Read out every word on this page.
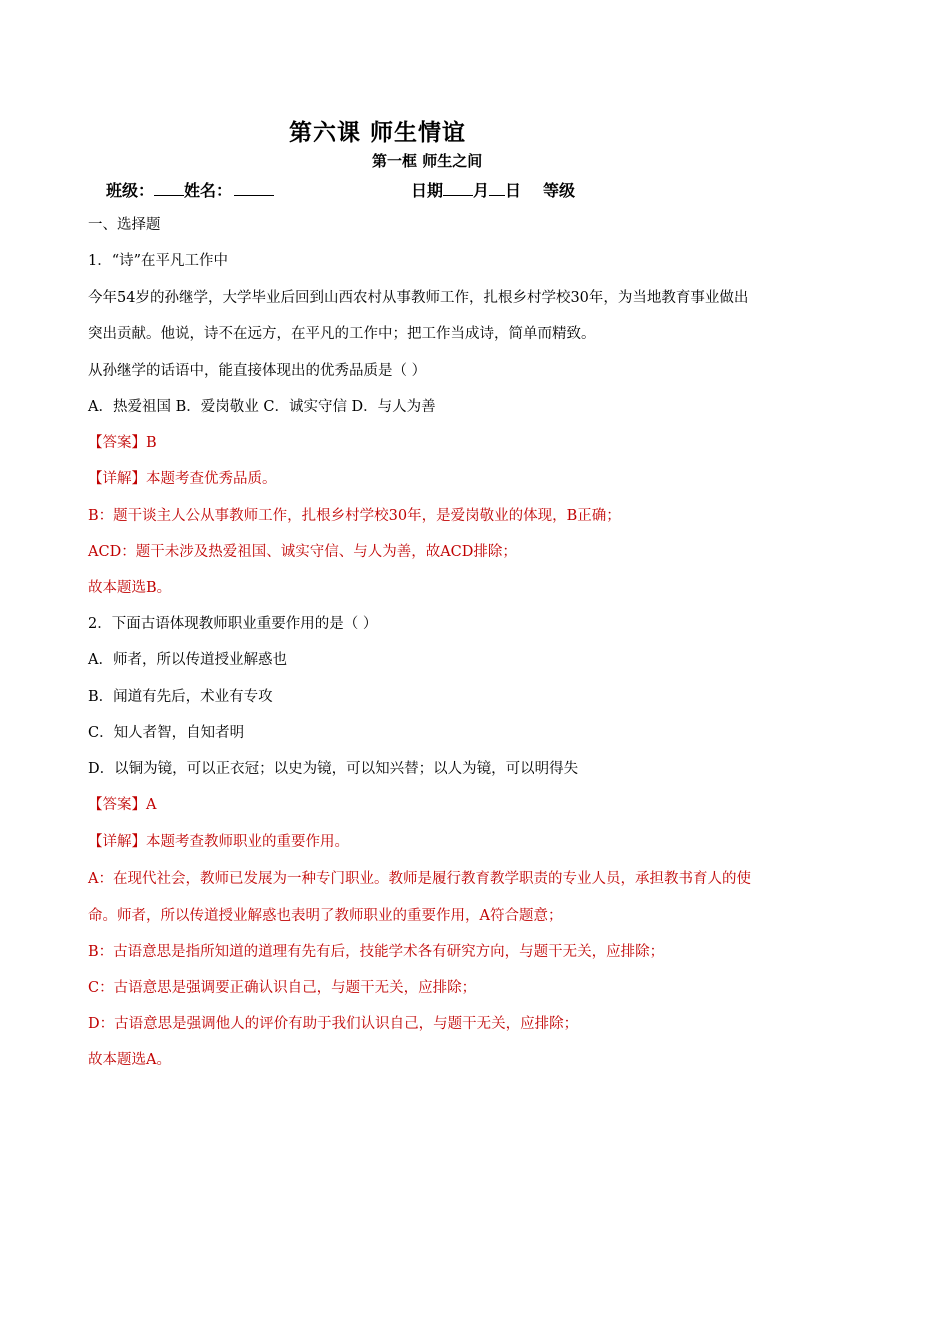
第六课 师生情谊
第一框 师生之间
班级： 姓名：	日期 月 日 等级
一、选择题
1．“诗”在平凡工作中
今年54岁的孙继学，大学毕业后回到山西农村从事教师工作，扎根乡村学校30年，为当地教育事业做出
突出贡献。他说，诗不在远方，在平凡的工作中；把工作当成诗，简单而精致。
从孙继学的话语中，能直接体现出的优秀品质是（ ）
A．热爱祖国 B．爱岗敬业 C．诚实守信 D．与人为善
【答案】B
【详解】本题考查优秀品质。
B：题干谈主人公从事教师工作，扎根乡村学校30年，是爱岗敬业的体现，B正确；
ACD：题干未涉及热爱祖国、诚实守信、与人为善，故ACD排除；
故本题选B。
2．下面古语体现教师职业重要作用的是（ ）
A．师者，所以传道授业解惑也
B．闻道有先后，术业有专攻
C．知人者智，自知者明
D．以铜为镜，可以正衣冠；以史为镜，可以知兴替；以人为镜，可以明得失
【答案】A
【详解】本题考查教师职业的重要作用。
A：在现代社会，教师已发展为一种专门职业。教师是履行教育教学职责的专业人员，承担教书育人的使
命。师者，所以传道授业解惑也表明了教师职业的重要作用，A符合题意；
B：古语意思是指所知道的道理有先有后，技能学术各有研究方向，与题干无关，应排除；
C：古语意思是强调要正确认识自己，与题干无关，应排除；
D：古语意思是强调他人的评价有助于我们认识自己，与题干无关，应排除；
故本题选A。
